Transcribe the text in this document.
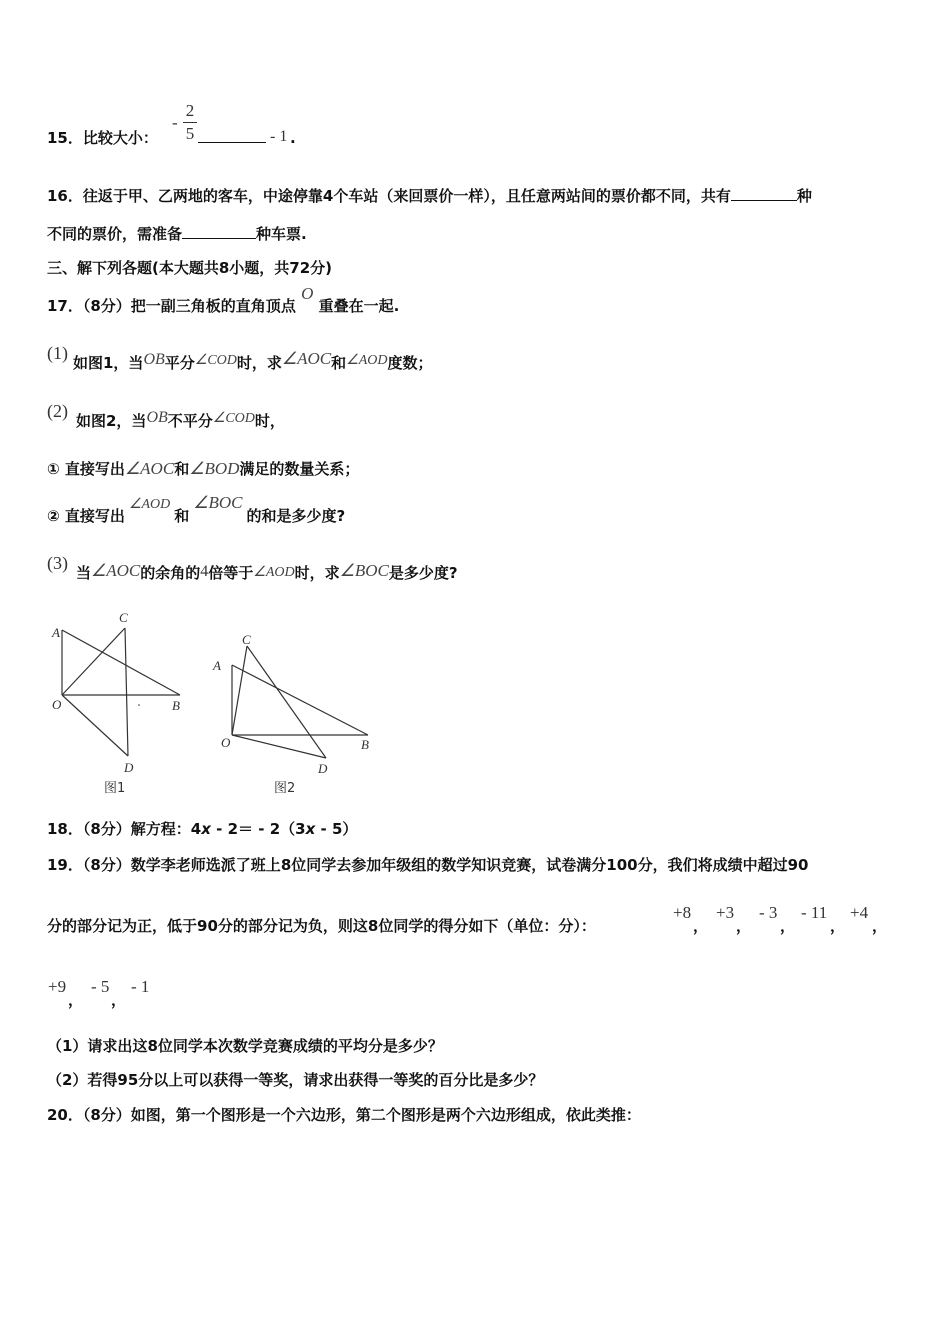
15．比较大小：
-
2
5	- 1 .
16．往返于甲、乙两地的客车，中途停靠4个车站（来回票价一样），且任意两站间的票价都不同，共有	种
不同的票价，需准备	种车票.
三、解下列各题(本大题共8小题，共72分)
17．（8分）把一副三角板的直角顶点 O 重叠在一起.
(1) 如图1，当OB平分∠COD时，求∠AOC和∠AOD度数；
(2) 如图2，当OB不平分∠COD时，
① 直接写出∠AOC和∠BOD满足的数量关系；
② 直接写出∠AOD和∠BOC的和是多少度?
(3) 当∠AOC的余角的4倍等于∠AOD时，求∠BOC是多少度?
A
C
O	B
D
图1
A
C
O	B
D
图2
18．（8分）解方程：4x - 2＝ - 2（3x - 5）
19．（8分）数学李老师选派了班上8位同学去参加年级组的数学知识竞赛，试卷满分100分，我们将成绩中超过90
分的部分记为正，低于90分的部分记为负，则这8位同学的得分如下（单位：分）：
+8
，
+3
，
- 3
，
- 11
，
+4
，
+9
，
- 5
，
- 1
（1）请求出这8位同学本次数学竞赛成绩的平均分是多少？
（2）若得95分以上可以获得一等奖，请求出获得一等奖的百分比是多少？
20．（8分）如图，第一个图形是一个六边形，第二个图形是两个六边形组成，依此类推：
